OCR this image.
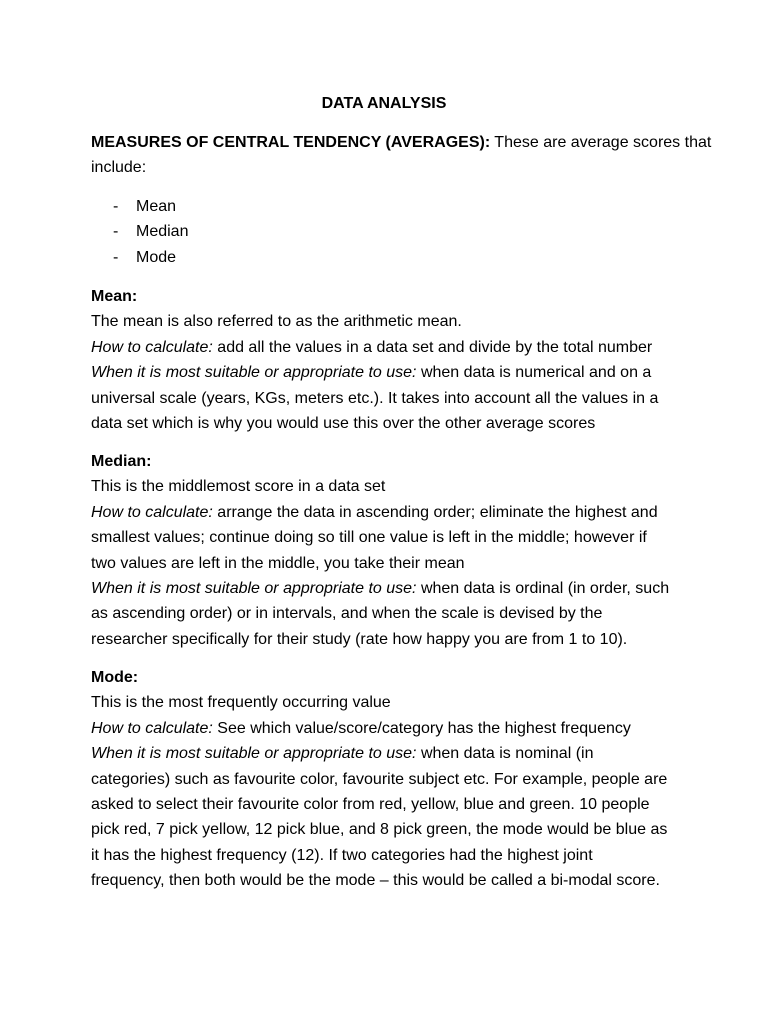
DATA ANALYSIS
MEASURES OF CENTRAL TENDENCY (AVERAGES): These are average scores that
include:
- Mean
- Median
- Mode
Mean:
The mean is also referred to as the arithmetic mean.
How to calculate: add all the values in a data set and divide by the total number
When it is most suitable or appropriate to use: when data is numerical and on a
universal scale (years, KGs, meters etc.). It takes into account all the values in a
data set which is why you would use this over the other average scores
Median:
This is the middlemost score in a data set
How to calculate: arrange the data in ascending order; eliminate the highest and
smallest values; continue doing so till one value is left in the middle; however if
two values are left in the middle, you take their mean
When it is most suitable or appropriate to use: when data is ordinal (in order, such
as ascending order) or in intervals, and when the scale is devised by the
researcher specifically for their study (rate how happy you are from 1 to 10).
Mode:
This is the most frequently occurring value
How to calculate: See which value/score/category has the highest frequency
When it is most suitable or appropriate to use: when data is nominal (in
categories) such as favourite color, favourite subject etc. For example, people are
asked to select their favourite color from red, yellow, blue and green. 10 people
pick red, 7 pick yellow, 12 pick blue, and 8 pick green, the mode would be blue as
it has the highest frequency (12). If two categories had the highest joint
frequency, then both would be the mode – this would be called a bi-modal score.
